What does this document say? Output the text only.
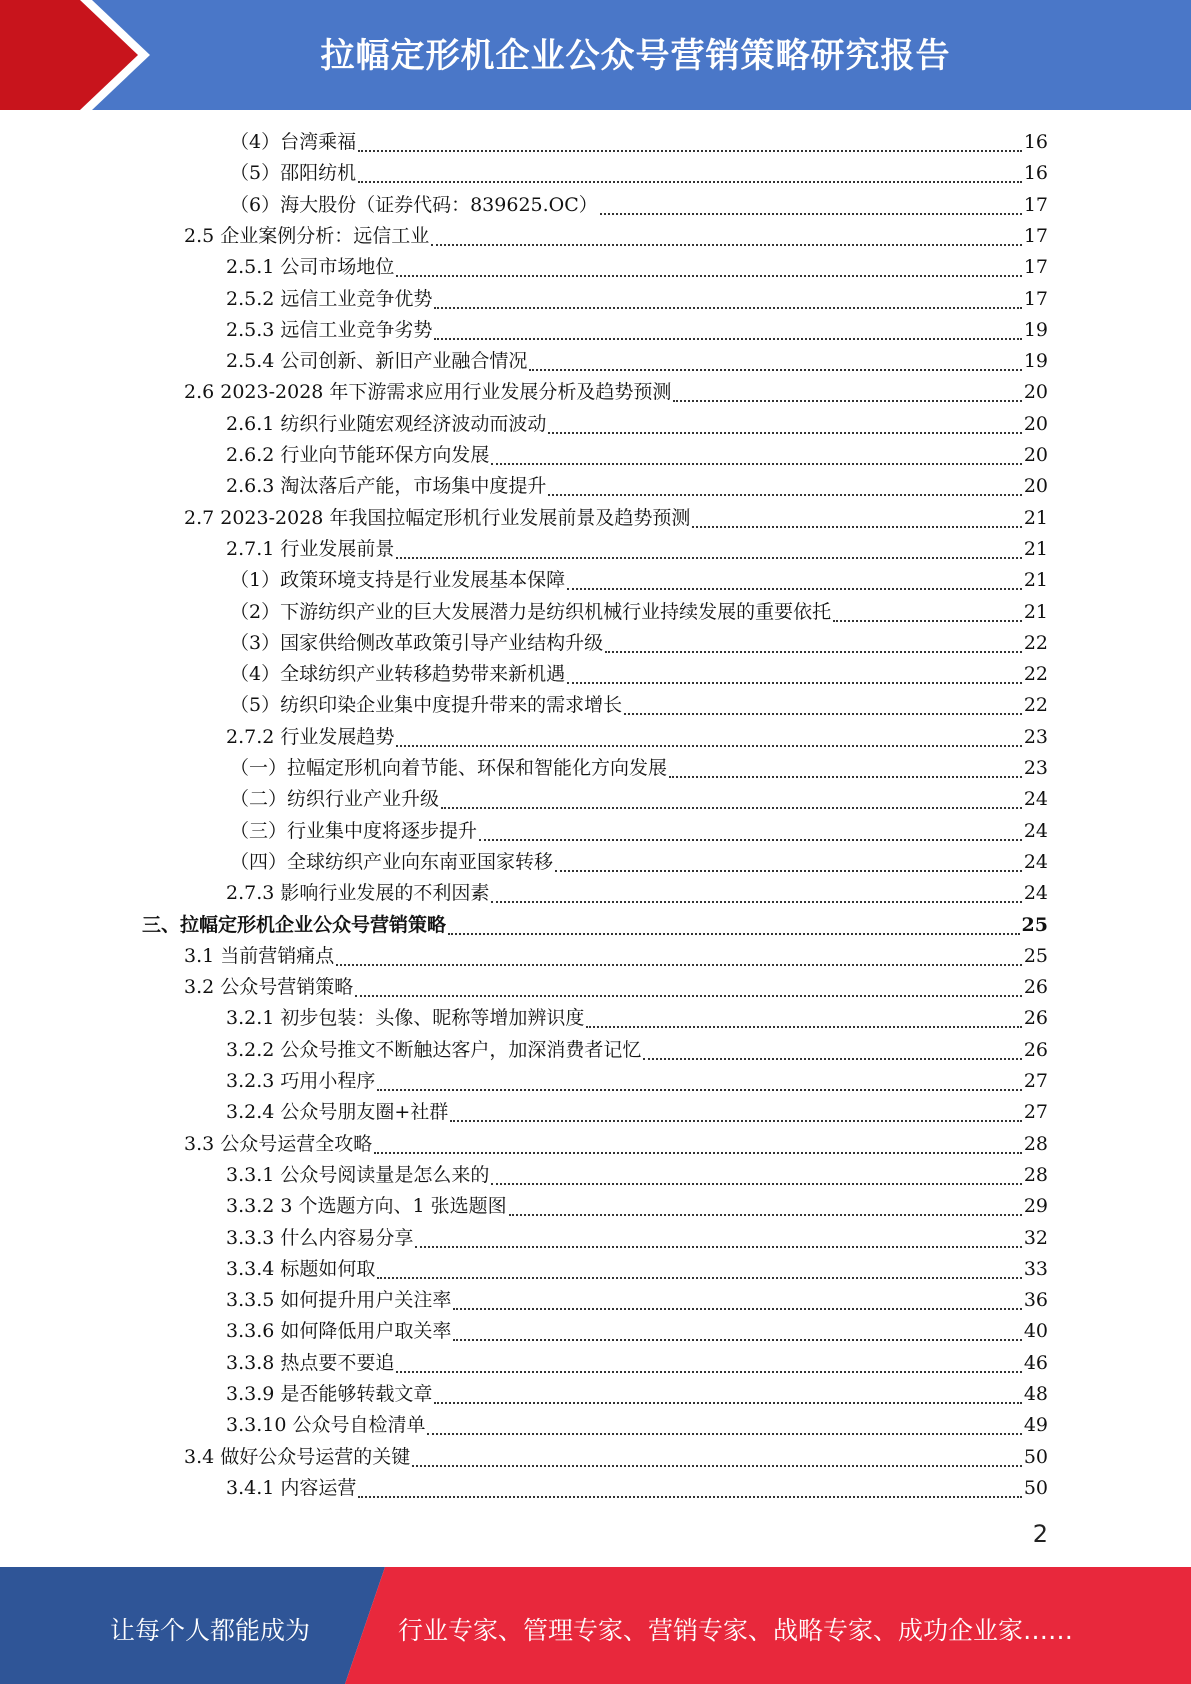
拉幅定形机企业公众号营销策略研究报告
（4）台湾乘福	16
（5）邵阳纺机	16
（6）海大股份（证券代码：839625.OC）	17
2.5 企业案例分析：远信工业	17
2.5.1 公司市场地位	17
2.5.2 远信工业竞争优势	17
2.5.3 远信工业竞争劣势	19
2.5.4 公司创新、新旧产业融合情况	19
2.6 2023-2028 年下游需求应用行业发展分析及趋势预测	20
2.6.1 纺织行业随宏观经济波动而波动	20
2.6.2 行业向节能环保方向发展	20
2.6.3 淘汰落后产能，市场集中度提升	20
2.7 2023-2028 年我国拉幅定形机行业发展前景及趋势预测	21
2.7.1 行业发展前景	21
（1）政策环境支持是行业发展基本保障	21
（2）下游纺织产业的巨大发展潜力是纺织机械行业持续发展的重要依托	21
（3）国家供给侧改革政策引导产业结构升级	22
（4）全球纺织产业转移趋势带来新机遇	22
（5）纺织印染企业集中度提升带来的需求增长	22
2.7.2 行业发展趋势	23
（一）拉幅定形机向着节能、环保和智能化方向发展	23
（二）纺织行业产业升级	24
（三）行业集中度将逐步提升	24
（四）全球纺织产业向东南亚国家转移	24
2.7.3 影响行业发展的不利因素	24
三、拉幅定形机企业公众号营销策略	25
3.1 当前营销痛点	25
3.2 公众号营销策略	26
3.2.1 初步包装：头像、昵称等增加辨识度	26
3.2.2 公众号推文不断触达客户，加深消费者记忆	26
3.2.3 巧用小程序	27
3.2.4 公众号朋友圈+社群	27
3.3 公众号运营全攻略	28
3.3.1 公众号阅读量是怎么来的	28
3.3.2 3 个选题方向、1 张选题图	29
3.3.3 什么内容易分享	32
3.3.4 标题如何取	33
3.3.5 如何提升用户关注率	36
3.3.6 如何降低用户取关率	40
3.3.8 热点要不要追	46
3.3.9 是否能够转载文章	48
3.3.10 公众号自检清单	49
3.4 做好公众号运营的关键	50
3.4.1 内容运营	50
2
让每个人都能成为	行业专家、管理专家、营销专家、战略专家、成功企业家……
